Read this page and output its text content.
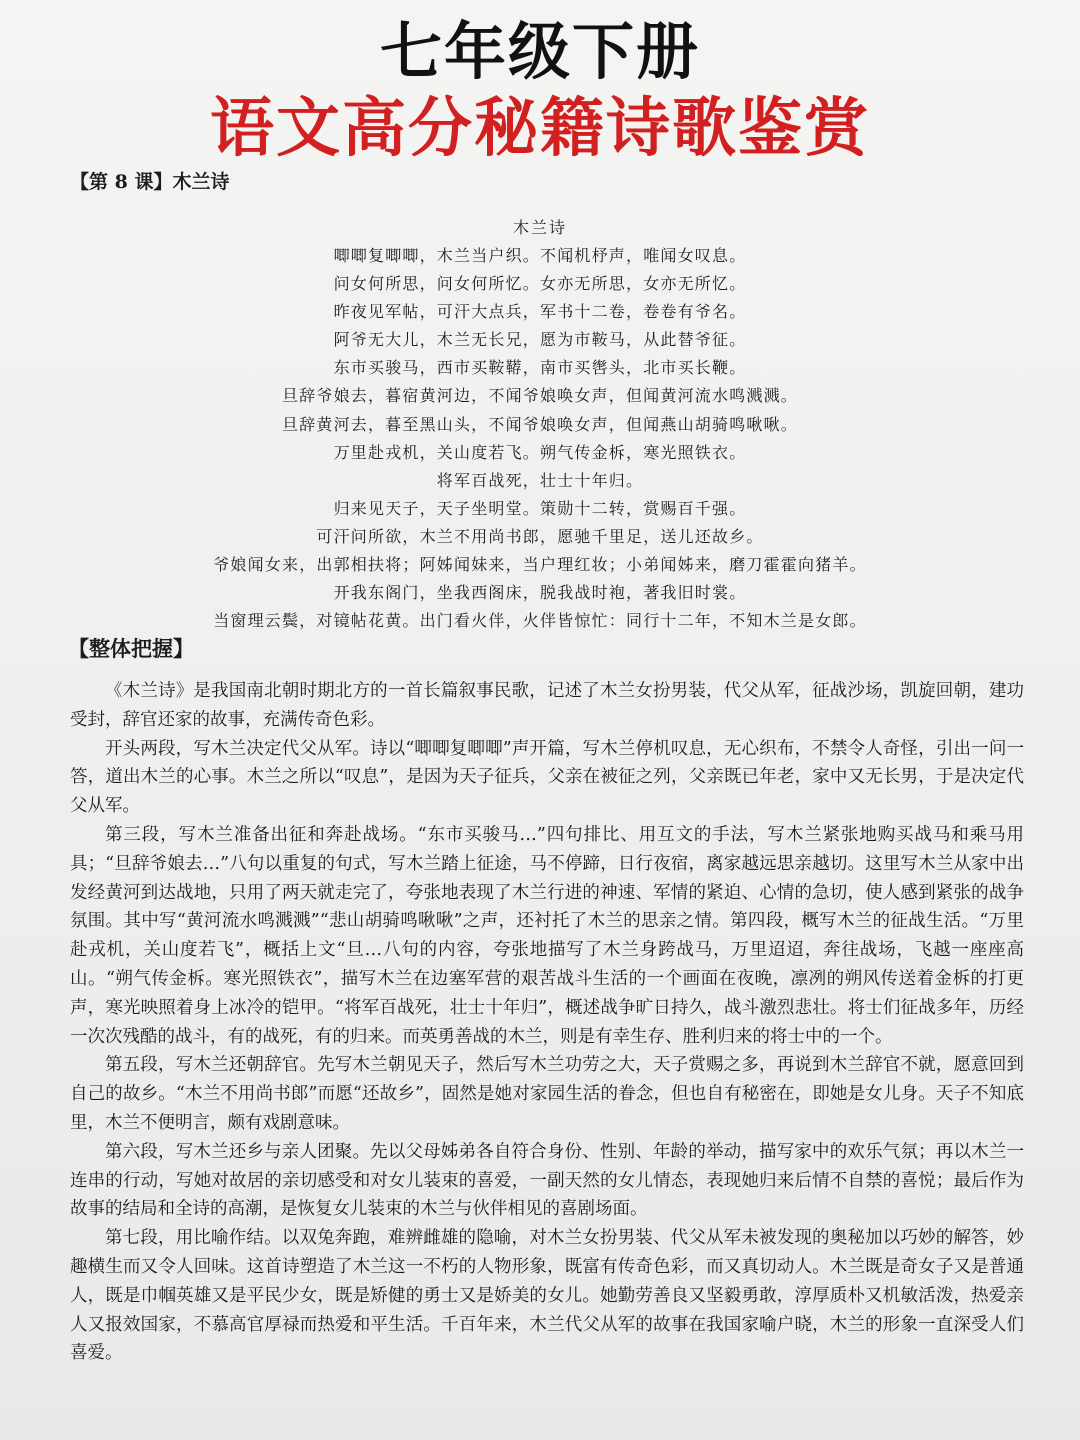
七年级下册
语文高分秘籍诗歌鉴赏
【第 8 课】木兰诗
木兰诗
唧唧复唧唧，木兰当户织。不闻机杼声，唯闻女叹息。
问女何所思，问女何所忆。女亦无所思，女亦无所忆。
昨夜见军帖，可汗大点兵，军书十二卷，卷卷有爷名。
阿爷无大儿，木兰无长兄，愿为市鞍马，从此替爷征。
东市买骏马，西市买鞍鞯，南市买辔头，北市买长鞭。
旦辞爷娘去，暮宿黄河边，不闻爷娘唤女声，但闻黄河流水鸣溅溅。
旦辞黄河去，暮至黑山头，不闻爷娘唤女声，但闻燕山胡骑鸣啾啾。
万里赴戎机，关山度若飞。朔气传金柝，寒光照铁衣。
将军百战死，壮士十年归。
归来见天子，天子坐明堂。策勋十二转，赏赐百千强。
可汗问所欲，木兰不用尚书郎，愿驰千里足，送儿还故乡。
爷娘闻女来，出郭相扶将；阿姊闻妹来，当户理红妆；小弟闻姊来，磨刀霍霍向猪羊。
开我东阁门，坐我西阁床，脱我战时袍，著我旧时裳。
当窗理云鬓，对镜帖花黄。出门看火伴，火伴皆惊忙：同行十二年，不知木兰是女郎。
【整体把握】

《木兰诗》是我国南北朝时期北方的一首长篇叙事民歌，记述了木兰女扮男装，代父从军，征战沙场，凯旋回朝，建功受封，辞官还家的故事，充满传奇色彩。

开头两段，写木兰决定代父从军。诗以“唧唧复唧唧”声开篇，写木兰停机叹息，无心织布，不禁令人奇怪，引出一问一答，道出木兰的心事。木兰之所以“叹息”，是因为天子征兵，父亲在被征之列，父亲既已年老，家中又无长男，于是决定代父从军。

第三段，写木兰准备出征和奔赴战场。“东市买骏马…”四句排比、用互文的手法，写木兰紧张地购买战马和乘马用具；“旦辞爷娘去…”八句以重复的句式，写木兰踏上征途，马不停蹄，日行夜宿，离家越远思亲越切。这里写木兰从家中出发经黄河到达战地，只用了两天就走完了，夸张地表现了木兰行进的神速、军情的紧迫、心情的急切，使人感到紧张的战争氛围。其中写“黄河流水鸣溅溅”“悲山胡骑鸣啾啾”之声，还衬托了木兰的思亲之情。第四段，概写木兰的征战生活。“万里赴戎机，关山度若飞”，概括上文“旦…八句的内容，夸张地描写了木兰身跨战马，万里迢迢，奔往战场，飞越一座座高山。“朔气传金柝。寒光照铁衣”，描写木兰在边塞军营的艰苦战斗生活的一个画面在夜晚，凛冽的朔风传送着金柝的打更声，寒光映照着身上冰冷的铠甲。“将军百战死，壮士十年归”，概述战争旷日持久，战斗激烈悲壮。将士们征战多年，历经一次次残酷的战斗，有的战死，有的归来。而英勇善战的木兰，则是有幸生存、胜利归来的将士中的一个。

第五段，写木兰还朝辞官。先写木兰朝见天子，然后写木兰功劳之大，天子赏赐之多，再说到木兰辞官不就，愿意回到自己的故乡。“木兰不用尚书郎”而愿“还故乡”，固然是她对家园生活的眷念，但也自有秘密在，即她是女儿身。天子不知底里，木兰不便明言，颇有戏剧意味。

第六段，写木兰还乡与亲人团聚。先以父母姊弟各自符合身份、性别、年龄的举动，描写家中的欢乐气氛；再以木兰一连串的行动，写她对故居的亲切感受和对女儿装束的喜爱，一副天然的女儿情态，表现她归来后情不自禁的喜悦；最后作为故事的结局和全诗的高潮，是恢复女儿装束的木兰与伙伴相见的喜剧场面。

第七段，用比喻作结。以双兔奔跑，难辨雌雄的隐喻，对木兰女扮男装、代父从军未被发现的奥秘加以巧妙的解答，妙趣横生而又令人回味。这首诗塑造了木兰这一不朽的人物形象，既富有传奇色彩，而又真切动人。木兰既是奇女子又是普通人，既是巾帼英雄又是平民少女，既是矫健的勇士又是娇美的女儿。她勤劳善良又坚毅勇敢，淳厚质朴又机敏活泼，热爱亲人又报效国家，不慕高官厚禄而热爱和平生活。千百年来，木兰代父从军的故事在我国家喻户晓，木兰的形象一直深受人们喜爱。
